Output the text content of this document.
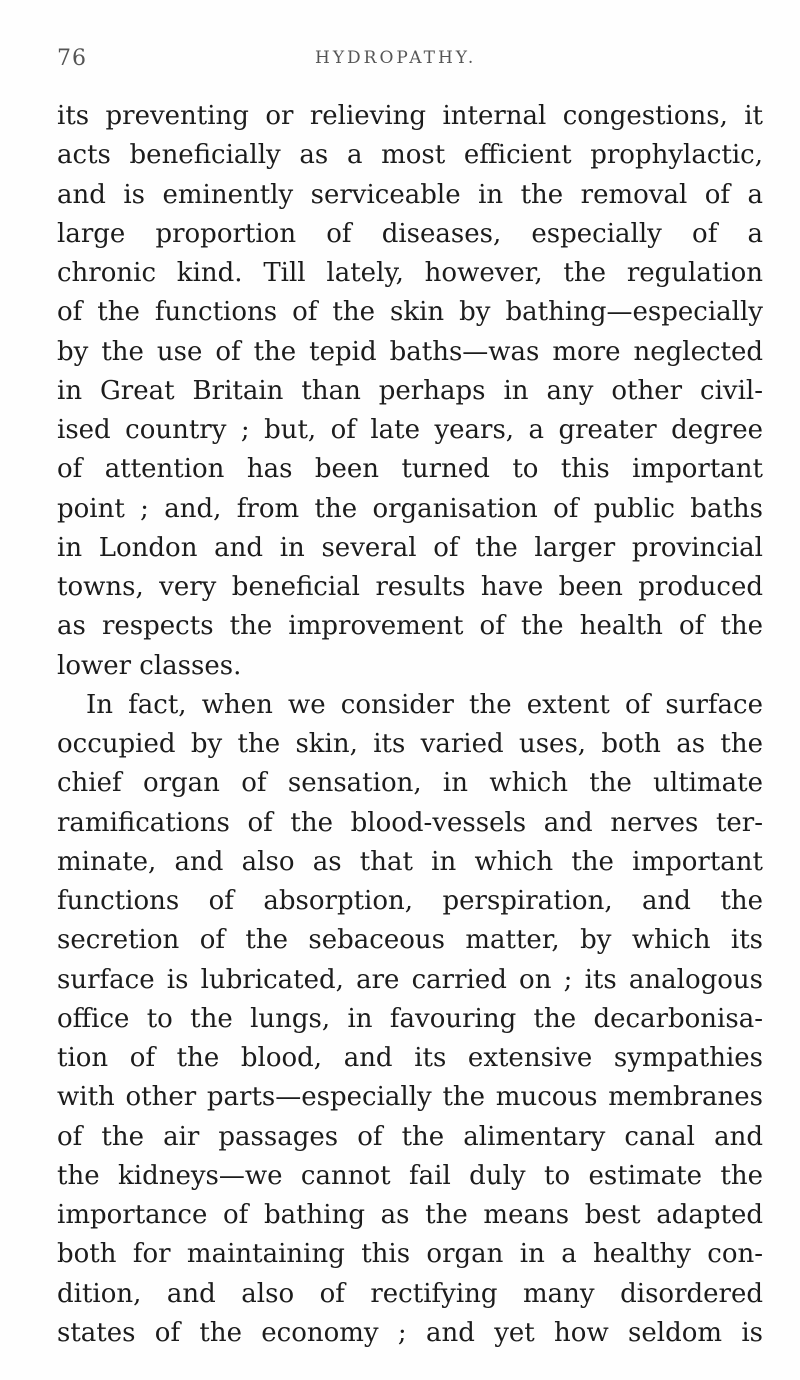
76	HYDROPATHY.
its preventing or relieving internal congestions, it
acts beneficially as a most efficient prophylactic,
and is eminently serviceable in the removal of a
large proportion of diseases, especially of a
chronic kind. Till lately, however, the regulation
of the functions of the skin by bathing—especially
by the use of the tepid baths—was more neglected
in Great Britain than perhaps in any other civil-
ised country ; but, of late years, a greater degree
of attention has been turned to this important
point ; and, from the organisation of public baths
in London and in several of the larger provincial
towns, very beneficial results have been produced
as respects the improvement of the health of the
lower classes.
In fact, when we consider the extent of surface
occupied by the skin, its varied uses, both as the
chief organ of sensation, in which the ultimate
ramifications of the blood-vessels and nerves ter-
minate, and also as that in which the important
functions of absorption, perspiration, and the
secretion of the sebaceous matter, by which its
surface is lubricated, are carried on ; its analogous
office to the lungs, in favouring the decarbonisa-
tion of the blood, and its extensive sympathies
with other parts—especially the mucous membranes
of the air passages of the alimentary canal and
the kidneys—we cannot fail duly to estimate the
importance of bathing as the means best adapted
both for maintaining this organ in a healthy con-
dition, and also of rectifying many disordered
states of the economy ; and yet how seldom is
